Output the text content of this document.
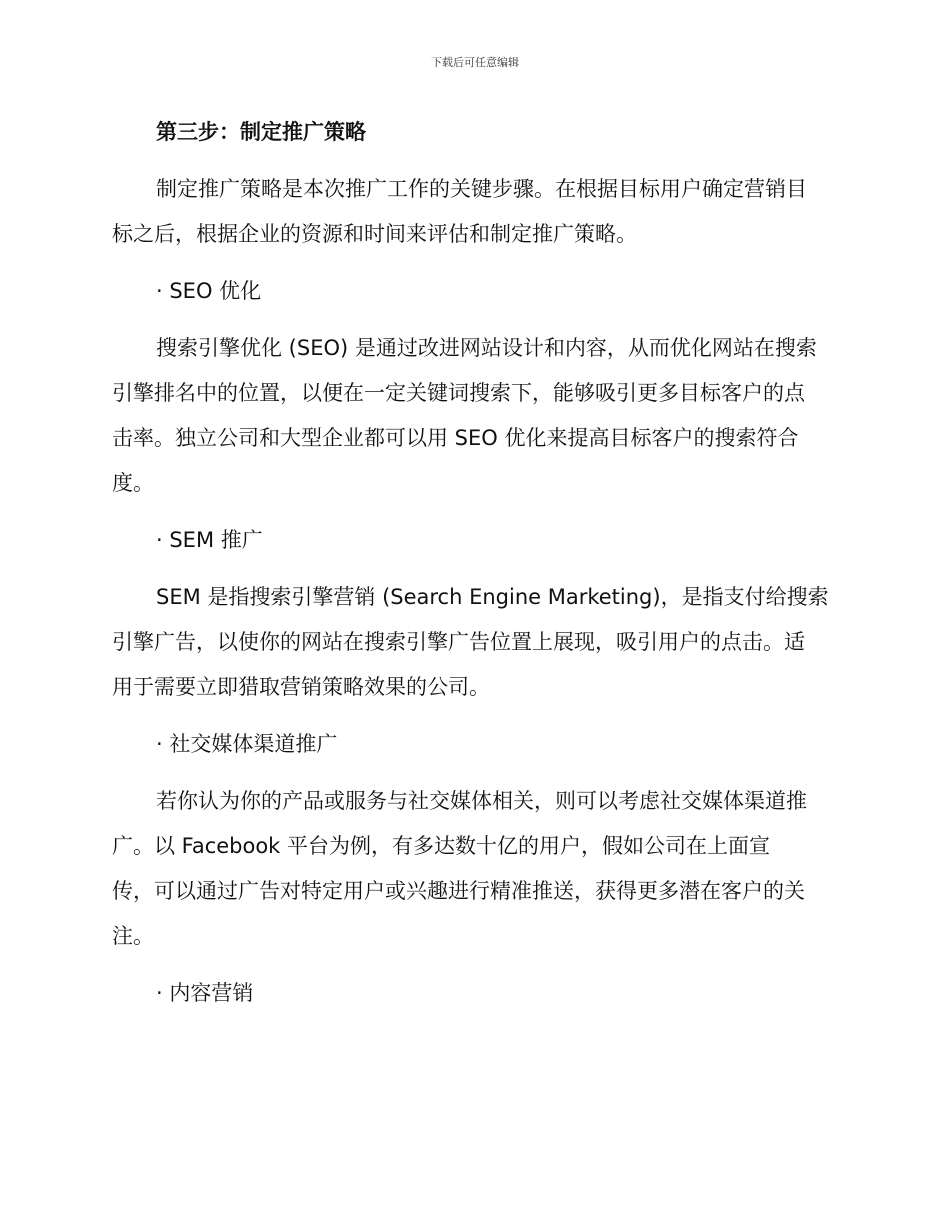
下载后可任意编辑
第三步：制定推广策略
制定推广策略是本次推广工作的关键步骤。在根据目标用户确定营销目
标之后，根据企业的资源和时间来评估和制定推广策略。
· SEO 优化
搜索引擎优化 (SEO) 是通过改进网站设计和内容，从而优化网站在搜索
引擎排名中的位置，以便在一定关键词搜索下，能够吸引更多目标客户的点
击率。独立公司和大型企业都可以用 SEO 优化来提高目标客户的搜索符合
度。
· SEM 推广
SEM 是指搜索引擎营销 (Search Engine Marketing)，是指支付给搜索
引擎广告，以使你的网站在搜索引擎广告位置上展现，吸引用户的点击。适
用于需要立即猎取营销策略效果的公司。
· 社交媒体渠道推广
若你认为你的产品或服务与社交媒体相关，则可以考虑社交媒体渠道推
广。以 Facebook 平台为例，有多达数十亿的用户，假如公司在上面宣
传，可以通过广告对特定用户或兴趣进行精准推送，获得更多潜在客户的关
注。
· 内容营销
